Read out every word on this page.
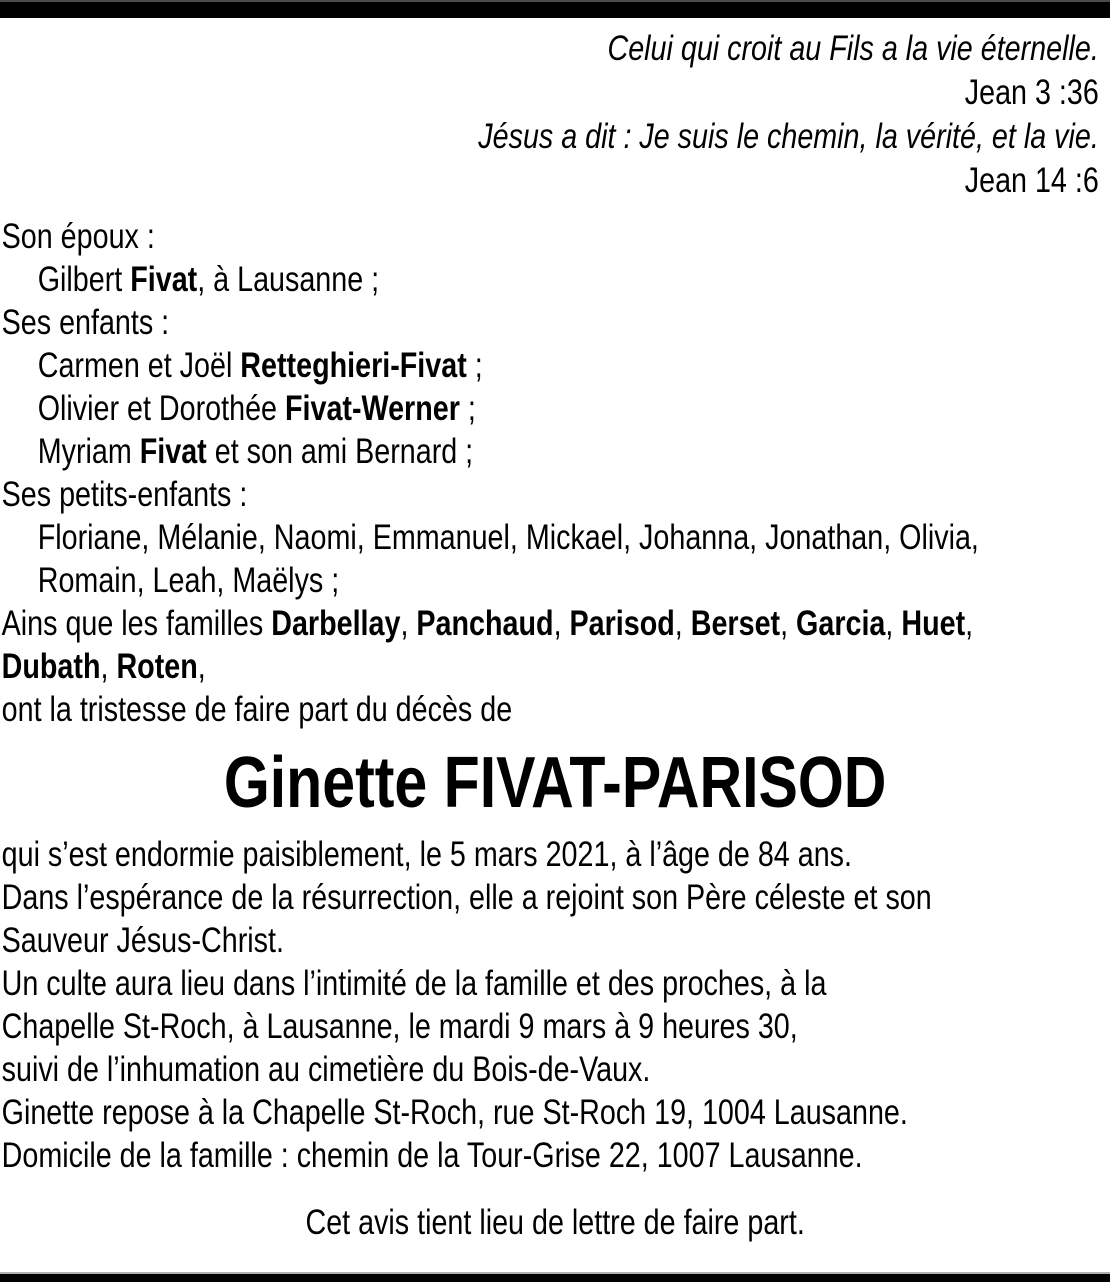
Celui qui croit au Fils a la vie éternelle.
Jean 3 :36
Jésus a dit : Je suis le chemin, la vérité, et la vie.
Jean 14 :6
Son époux :
Gilbert Fivat, à Lausanne ;
Ses enfants :
Carmen et Joël Retteghieri-Fivat ;
Olivier et Dorothée Fivat-Werner ;
Myriam Fivat et son ami Bernard ;
Ses petits-enfants :
Floriane, Mélanie, Naomi, Emmanuel, Mickael, Johanna, Jonathan, Olivia,
Romain, Leah, Maëlys ;
Ains que les familles Darbellay, Panchaud, Parisod, Berset, Garcia, Huet,
Dubath, Roten,
ont la tristesse de faire part du décès de
Ginette FIVAT-PARISOD
qui s’est endormie paisiblement, le 5 mars 2021, à l’âge de 84 ans.
Dans l’espérance de la résurrection, elle a rejoint son Père céleste et son
Sauveur Jésus-Christ.
Un culte aura lieu dans l’intimité de la famille et des proches, à la
Chapelle St-Roch, à Lausanne, le mardi 9 mars à 9 heures 30,
suivi de l’inhumation au cimetière du Bois-de-Vaux.
Ginette repose à la Chapelle St-Roch, rue St-Roch 19, 1004 Lausanne.
Domicile de la famille : chemin de la Tour-Grise 22, 1007 Lausanne.

Cet avis tient lieu de lettre de faire part.
